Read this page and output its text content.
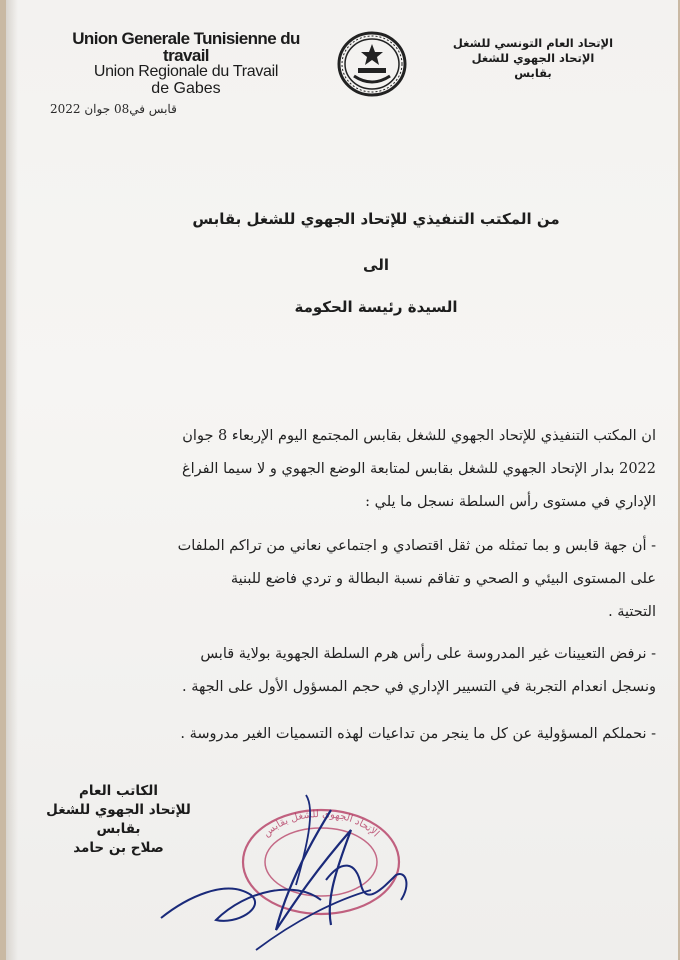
Union Generale Tunisienne du travail
Union Regionale du Travail
de Gabes
الإتحاد العام التونسي للشغل
الإتحاد الجهوي للشغل
بقابس
قابس في08 جوان 2022
من المكتب التنفيذي للإتحاد الجهوي للشغل بقابس
الى
السيدة رئيسة الحكومة
ان المكتب التنفيذي للإتحاد الجهوي للشغل بقابس المجتمع اليوم الإربعاء 8 جوان
2022 بدار الإتحاد الجهوي للشغل بقابس لمتابعة الوضع الجهوي و لا سيما الفراغ
الإداري في مستوى رأس السلطة نسجل ما يلي :
- أن جهة قابس و بما تمثله من ثقل اقتصادي و اجتماعي نعاني من تراكم الملفات
على المستوى البيئي و الصحي و تفاقم نسبة البطالة و تردي فاضع للبنية
التحتية .
- نرفض التعيينات غير المدروسة على رأس هرم السلطة الجهوية بولاية قابس
ونسجل انعدام التجربة في التسيير الإداري في حجم المسؤول الأول على الجهة .
- نحملكم المسؤولية عن كل ما ينجر من تداعيات لهذه التسميات الغير مدروسة .
الكاتب العام
للإتحاد الجهوي للشغل
بقابس
صلاح بن حامد
الإتحاد الجهوي للشغل بقابس
